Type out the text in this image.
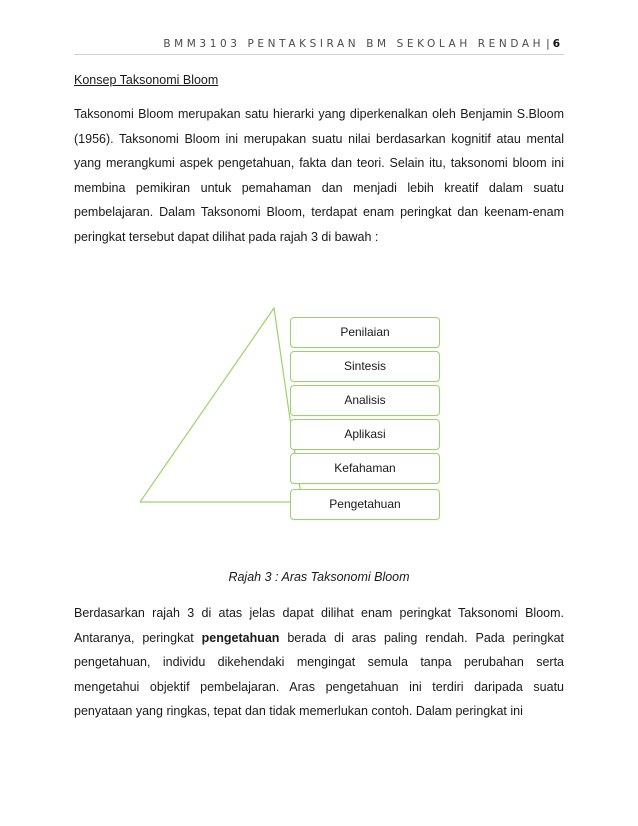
BMM3103 PENTAKSIRAN BM SEKOLAH RENDAH | 6
Konsep Taksonomi Bloom

Taksonomi Bloom merupakan satu hierarki yang diperkenalkan oleh Benjamin S.Bloom (1956). Taksonomi Bloom ini merupakan suatu nilai berdasarkan kognitif atau mental yang merangkumi aspek pengetahuan, fakta dan teori. Selain itu, taksonomi bloom ini membina pemikiran untuk pemahaman dan menjadi lebih kreatif dalam suatu pembelajaran. Dalam Taksonomi Bloom, terdapat enam peringkat dan keenam-enam peringkat tersebut dapat dilihat pada rajah 3 di bawah :

Penilaian
Sintesis
Analisis
Aplikasi
Kefahaman
Pengetahuan
Rajah 3 : Aras Taksonomi Bloom

Berdasarkan rajah 3 di atas jelas dapat dilihat enam peringkat Taksonomi Bloom. Antaranya, peringkat pengetahuan berada di aras paling rendah. Pada peringkat pengetahuan, individu dikehendaki mengingat semula tanpa perubahan serta mengetahui objektif pembelajaran. Aras pengetahuan ini terdiri daripada suatu penyataan yang ringkas, tepat dan tidak memerlukan contoh. Dalam peringkat ini
